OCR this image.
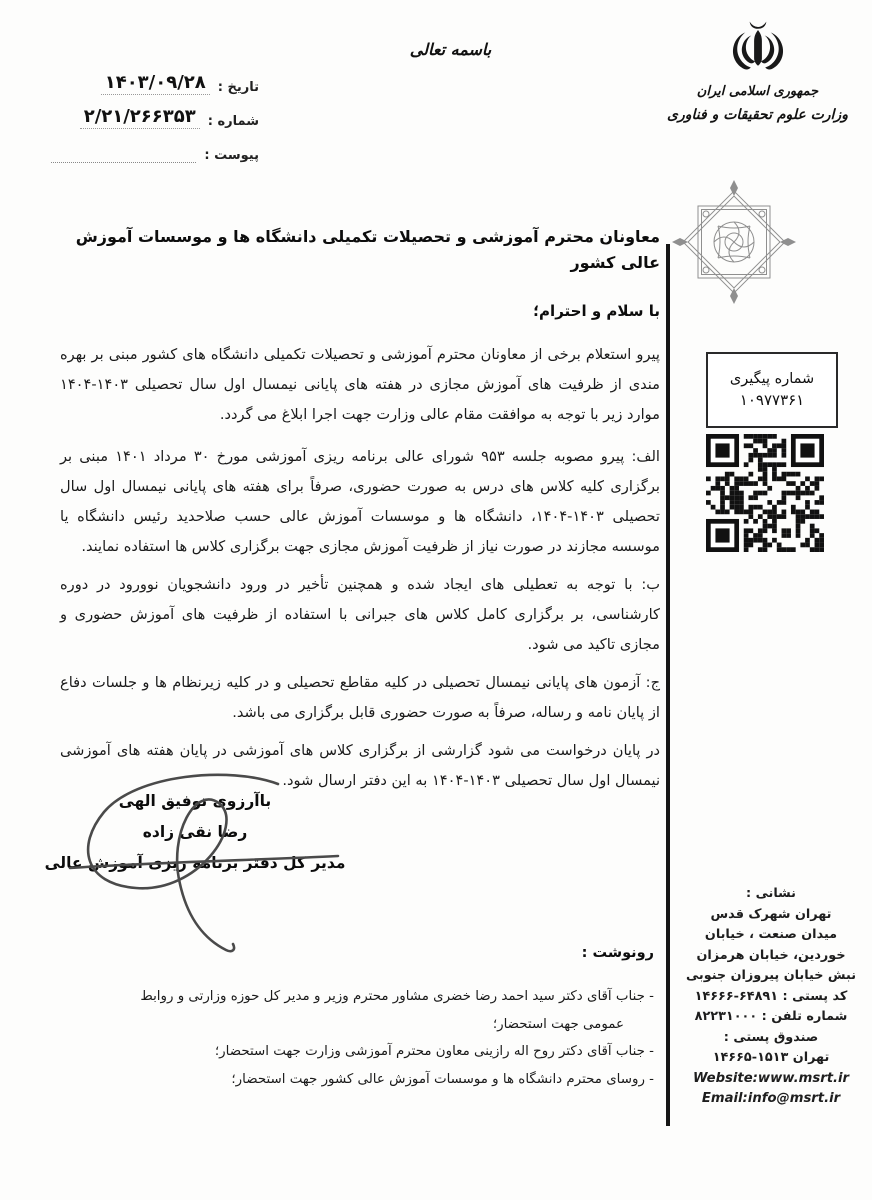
تاریخ :
۱۴۰۳/۰۹/۲۸
شماره :
۲/۲۱/۲۶۶۳۵۳
پیوست :
باسمه تعالی
جمهوری اسلامی ایران
وزارت علوم تحقیقات و فناوری
شماره پیگیری
۱۰۹۷۷۳۶۱

معاونان محترم آموزشی و تحصیلات تکمیلی دانشگاه ها و موسسات آموزش عالی کشور

با سلام و احترام؛

پیرو استعلام برخی از معاونان محترم آموزشی و تحصیلات تکمیلی دانشگاه های کشور مبنی بر بهره مندی از ظرفیت های آموزش مجازی در هفته های پایانی نیمسال اول سال تحصیلی ۱۴۰۳-۱۴۰۴ موارد زیر با توجه به موافقت مقام عالی وزارت جهت اجرا ابلاغ می گردد.

الف: پیرو مصوبه جلسه ۹۵۳ شورای عالی برنامه ریزی آموزشی مورخ ۳۰ مرداد ۱۴۰۱ مبنی بر برگزاری کلیه کلاس های درس به صورت حضوری، صرفاً برای هفته های پایانی نیمسال اول سال تحصیلی ۱۴۰۳-۱۴۰۴، دانشگاه ها و موسسات آموزش عالی حسب صلاحدید رئیس دانشگاه یا موسسه مجازند در صورت نیاز از ظرفیت آموزش مجازی جهت برگزاری کلاس ها استفاده نمایند.

ب: با توجه به تعطیلی های ایجاد شده و همچنین تأخیر در ورود دانشجویان نوورود در دوره کارشناسی، بر برگزاری کامل کلاس های جبرانی با استفاده از ظرفیت های آموزش حضوری و مجازی تاکید می شود.

ج: آزمون های پایانی نیمسال تحصیلی در کلیه مقاطع تحصیلی و در کلیه زیرنظام ها و جلسات دفاع از پایان نامه و رساله، صرفاً به صورت حضوری قابل برگزاری می باشد.

در پایان درخواست می شود گزارشی از برگزاری کلاس های آموزشی در پایان هفته های آموزشی نیمسال اول سال تحصیلی ۱۴۰۳-۱۴۰۴ به این دفتر ارسال شود.

باآرزوی توفیق الهی
رضا نقی زاده
مدیر کل دفتر برنامه ریزی آموزش عالی
رونوشت :
- جناب آقای دکتر سید احمد رضا خضری مشاور محترم وزیر و مدیر کل حوزه وزارتی و روابط عمومی جهت استحضار؛
- جناب آقای دکتر روح اله رازینی معاون محترم آموزشی وزارت جهت استحضار؛
- روسای محترم دانشگاه ها و موسسات آموزش عالی کشور جهت استحضار؛
نشانی :
تهران شهرک قدس
میدان صنعت ، خیابان
خوردین، خیابان هرمزان
نبش خیابان پیروزان جنوبی
کد پستی : ۶۴۸۹۱-۱۴۶۶۶
شماره تلفن : ۸۲۲۳۱۰۰۰
صندوق پستی :
تهران ۱۵۱۳-۱۴۶۶۵
Website:www.msrt.ir
Email:info@msrt.ir
